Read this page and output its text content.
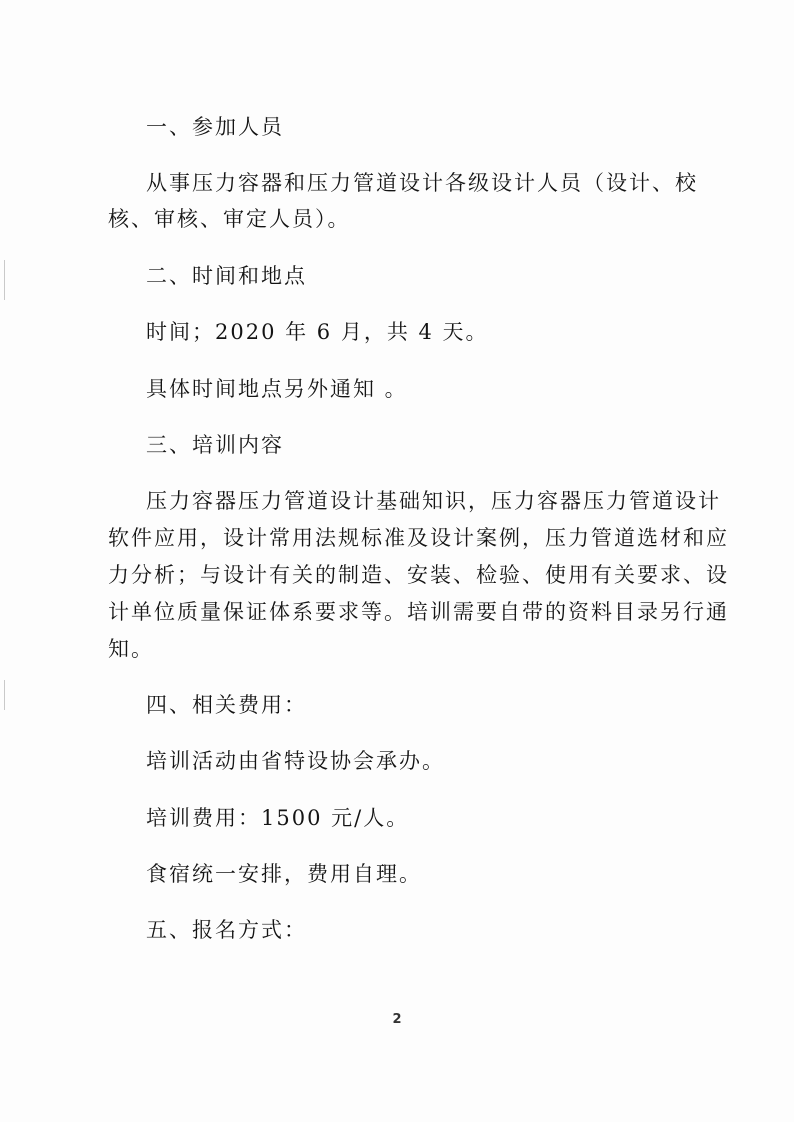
一、参加人员
从事压力容器和压力管道设计各级设计人员（设计、校
核、审核、审定人员）。
二、时间和地点
时间；2020 年 6 月，共 4 天。
具体时间地点另外通知 。
三、培训内容
压力容器压力管道设计基础知识，压力容器压力管道设计
软件应用，设计常用法规标准及设计案例，压力管道选材和应
力分析；与设计有关的制造、安装、检验、使用有关要求、设
计单位质量保证体系要求等。培训需要自带的资料目录另行通
知。
四、相关费用：
培训活动由省特设协会承办。
培训费用：1500 元/人。
食宿统一安排，费用自理。
五、报名方式：
2
